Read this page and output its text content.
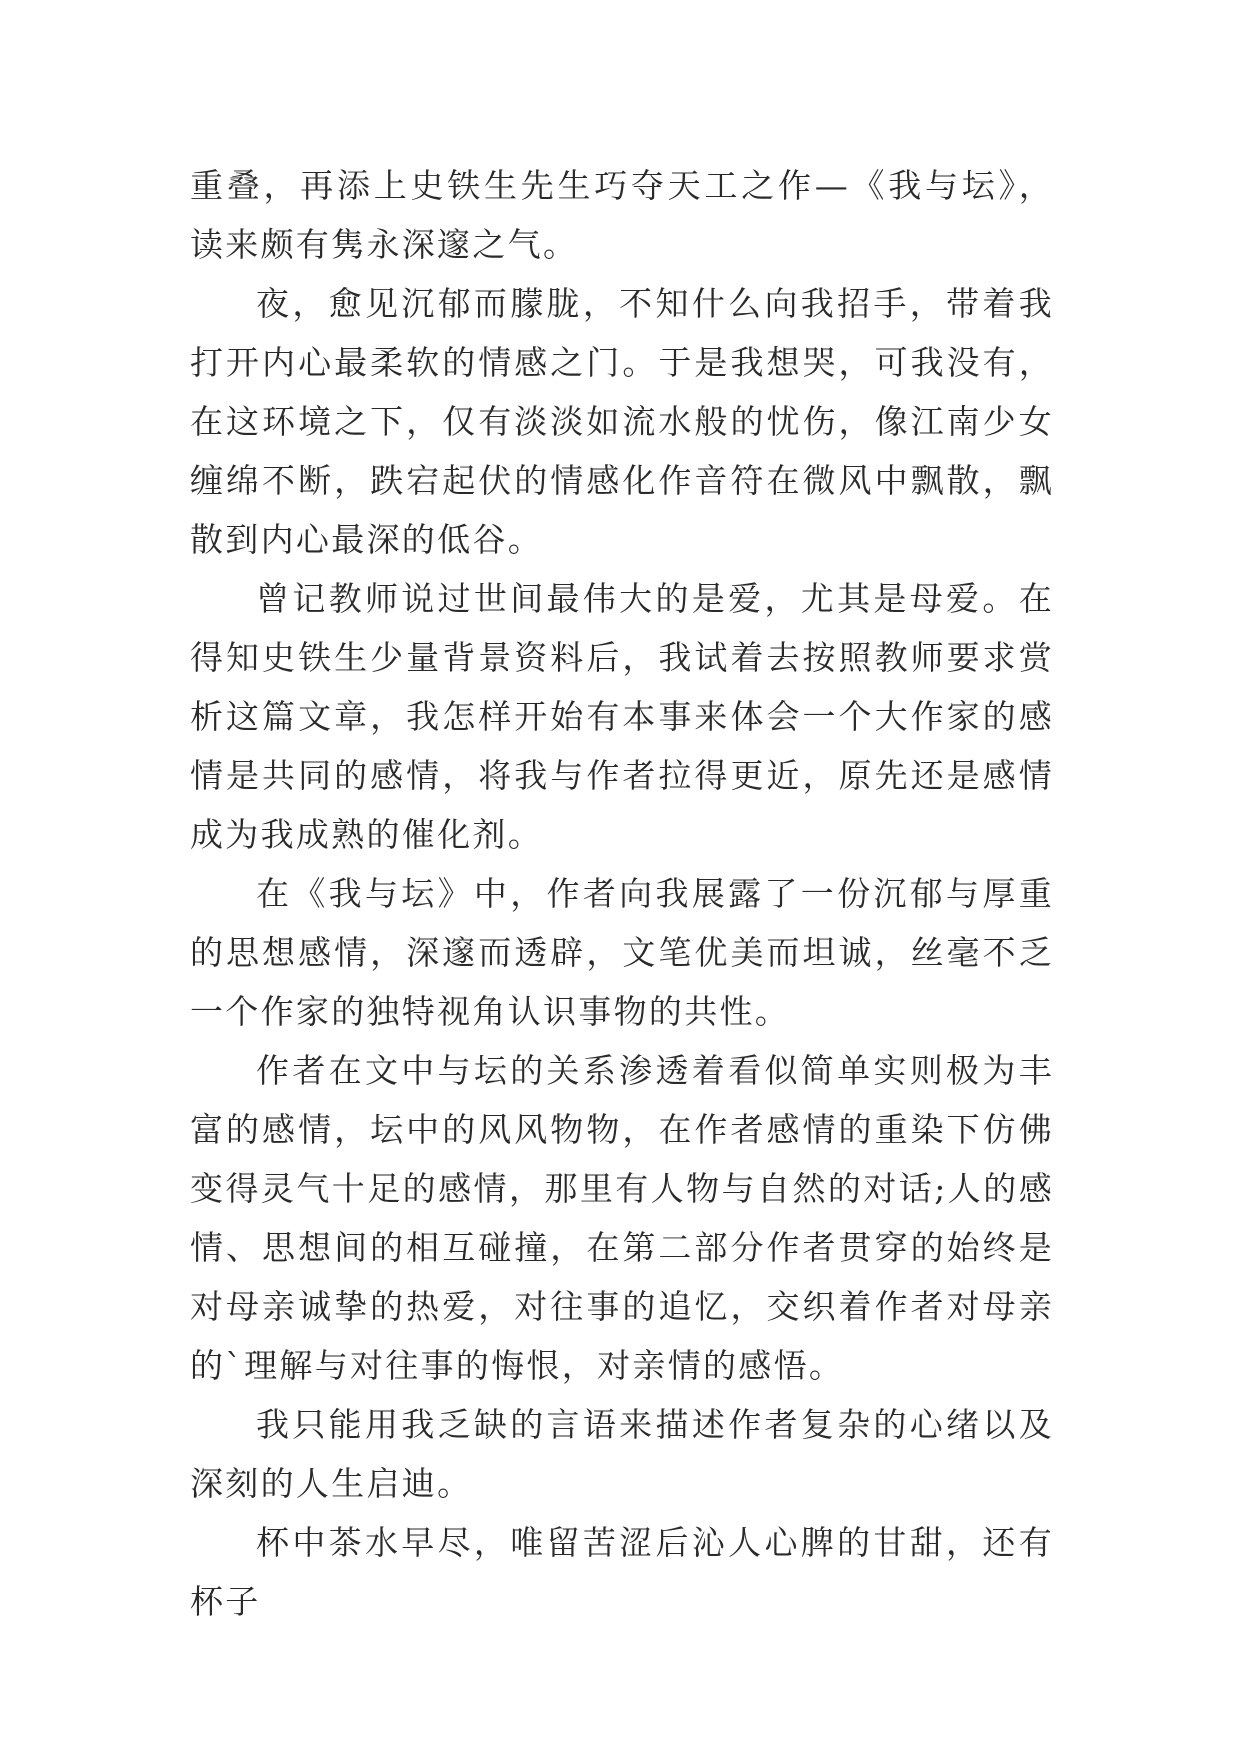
重叠，再添上史铁生先生巧夺天工之作—《我与坛》，读来颇有隽永深邃之气。

夜，愈见沉郁而朦胧，不知什么向我招手，带着我打开内心最柔软的情感之门。于是我想哭，可我没有，在这环境之下，仅有淡淡如流水般的忧伤，像江南少女缠绵不断，跌宕起伏的情感化作音符在微风中飘散，飘散到内心最深的低谷。

曾记教师说过世间最伟大的是爱，尤其是母爱。在得知史铁生少量背景资料后，我试着去按照教师要求赏析这篇文章，我怎样开始有本事来体会一个大作家的感情是共同的感情，将我与作者拉得更近，原先还是感情成为我成熟的催化剂。

在《我与坛》中，作者向我展露了一份沉郁与厚重的思想感情，深邃而透辟，文笔优美而坦诚，丝毫不乏一个作家的独特视角认识事物的共性。

作者在文中与坛的关系渗透着看似简单实则极为丰富的感情，坛中的风风物物，在作者感情的重染下仿佛变得灵气十足的感情，那里有人物与自然的对话;人的感情、思想间的相互碰撞，在第二部分作者贯穿的始终是对母亲诚挚的热爱，对往事的追忆，交织着作者对母亲的`理解与对往事的悔恨，对亲情的感悟。

我只能用我乏缺的言语来描述作者复杂的心绪以及深刻的人生启迪。

杯中茶水早尽，唯留苦涩后沁人心脾的甘甜，还有杯子
